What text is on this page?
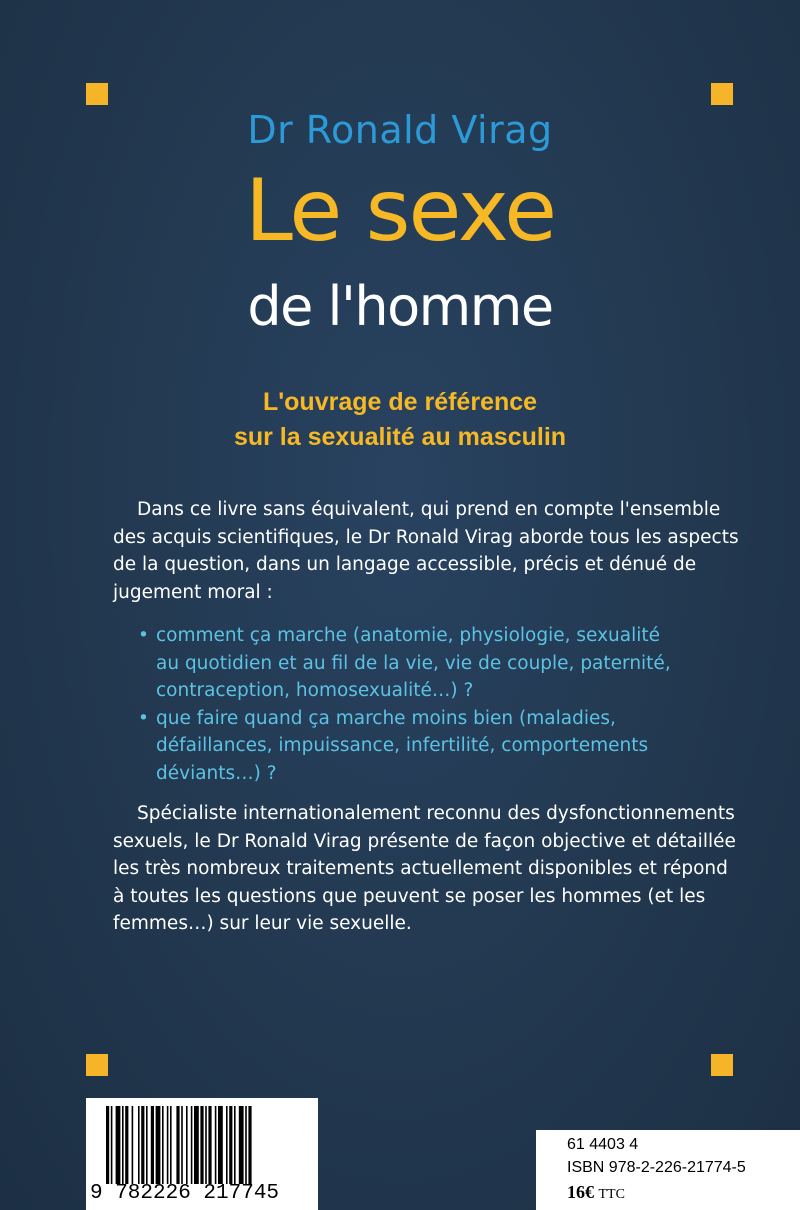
Dr Ronald Virag
Le sexe
de l'homme
L'ouvrage de référence
sur la sexualité au masculin
Dans ce livre sans équivalent, qui prend en compte l'ensemble
des acquis scientifiques, le Dr Ronald Virag aborde tous les aspects
de la question, dans un langage accessible, précis et dénué de
jugement moral :
• comment ça marche (anatomie, physiologie, sexualité
au quotidien et au fil de la vie, vie de couple, paternité,
contraception, homosexualité…) ?
• que faire quand ça marche moins bien (maladies,
défaillances, impuissance, infertilité, comportements
déviants…) ?
Spécialiste internationalement reconnu des dysfonctionnements
sexuels, le Dr Ronald Virag présente de façon objective et détaillée
les très nombreux traitements actuellement disponibles et répond
à toutes les questions que peuvent se poser les hommes (et les
femmes…) sur leur vie sexuelle.
9 782226 217745
61 4403 4
ISBN 978-2-226-21774-5
16€ TTC
